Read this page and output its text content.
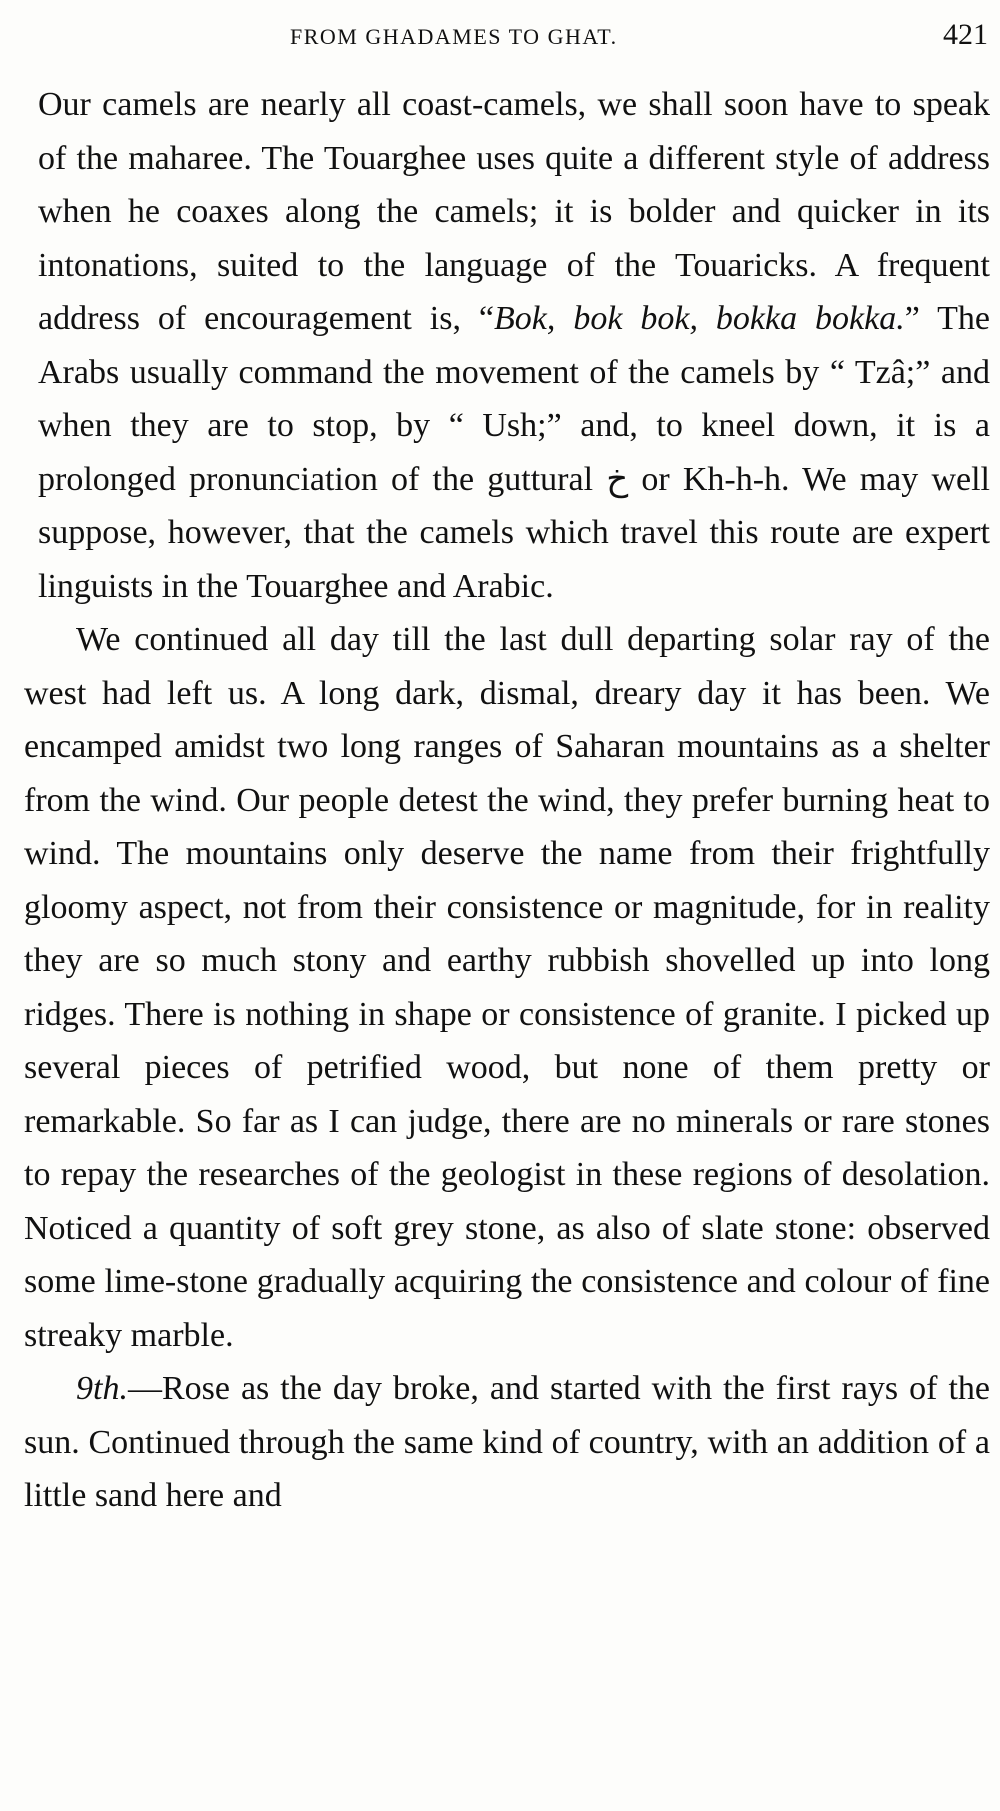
FROM GHADAMES TO GHAT.	421

Our camels are nearly all coast-camels, we shall soon have to speak of the maharee. The Touarghee uses quite a different style of address when he coaxes along the camels; it is bolder and quicker in its intonations, suited to the language of the Touaricks. A frequent address of encouragement is, “Bok, bok bok, bokka bokka.” The Arabs usually command the movement of the camels by “ Tzâ;” and when they are to stop, by “ Ush;” and, to kneel down, it is a prolonged pronunciation of the guttural خ or Kh-h-h. We may well suppose, however, that the camels which travel this route are expert linguists in the Touarghee and Arabic.

We continued all day till the last dull departing solar ray of the west had left us. A long dark, dismal, dreary day it has been. We encamped amidst two long ranges of Saharan mountains as a shelter from the wind. Our people detest the wind, they prefer burning heat to wind. The mountains only deserve the name from their frightfully gloomy aspect, not from their consistence or magnitude, for in reality they are so much stony and earthy rubbish shovelled up into long ridges. There is nothing in shape or consistence of granite. I picked up several pieces of petrified wood, but none of them pretty or remarkable. So far as I can judge, there are no minerals or rare stones to repay the researches of the geologist in these regions of desolation. Noticed a quantity of soft grey stone, as also of slate stone: observed some lime-stone gradually acquiring the consistence and colour of fine streaky marble.

9th.—Rose as the day broke, and started with the first rays of the sun. Continued through the same kind of country, with an addition of a little sand here and
